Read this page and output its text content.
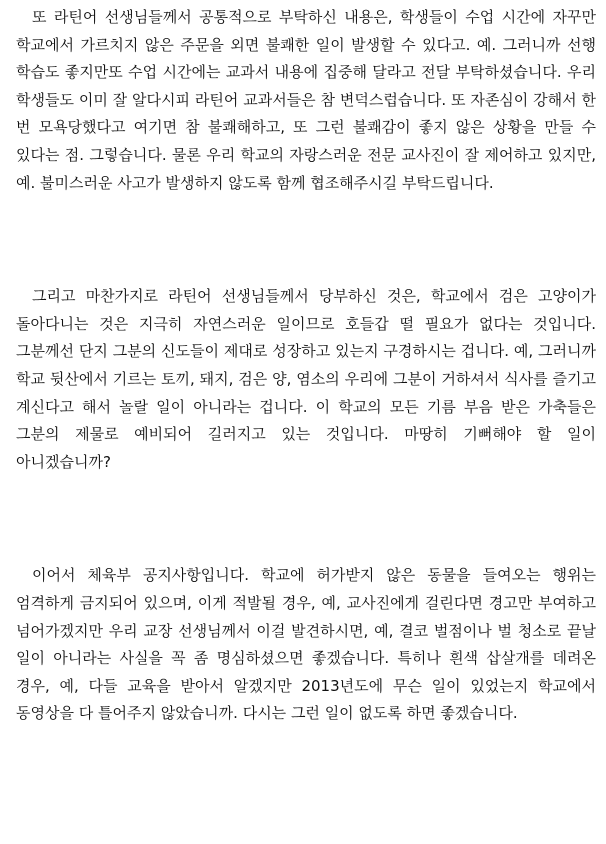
또 라틴어 선생님들께서 공통적으로 부탁하신 내용은, 학생들이 수업 시간에 자꾸만 학교에서 가르치지 않은 주문을 외면 불쾌한 일이 발생할 수 있다고. 예. 그러니까 선행 학습도 좋지만또 수업 시간에는 교과서 내용에 집중해 달라고 전달 부탁하셨습니다. 우리 학생들도 이미 잘 알다시피 라틴어 교과서들은 참 변덕스럽습니다. 또 자존심이 강해서 한 번 모욕당했다고 여기면 참 불쾌해하고, 또 그런 불쾌감이 좋지 않은 상황을 만들 수 있다는 점. 그렇습니다. 물론 우리 학교의 자랑스러운 전문 교사진이 잘 제어하고 있지만, 예. 불미스러운 사고가 발생하지 않도록 함께 협조해주시길 부탁드립니다.

그리고 마찬가지로 라틴어 선생님들께서 당부하신 것은, 학교에서 검은 고양이가 돌아다니는 것은 지극히 자연스러운 일이므로 호들갑 떨 필요가 없다는 것입니다. 그분께선 단지 그분의 신도들이 제대로 성장하고 있는지 구경하시는 겁니다. 예, 그러니까 학교 뒷산에서 기르는 토끼, 돼지, 검은 양, 염소의 우리에 그분이 거하셔서 식사를 즐기고 계신다고 해서 놀랄 일이 아니라는 겁니다. 이 학교의 모든 기름 부음 받은 가축들은 그분의 제물로 예비되어 길러지고 있는 것입니다. 마땅히 기뻐해야 할 일이 아니겠습니까?

이어서 체육부 공지사항입니다. 학교에 허가받지 않은 동물을 들여오는 행위는 엄격하게 금지되어 있으며, 이게 적발될 경우, 예, 교사진에게 걸린다면 경고만 부여하고 넘어가겠지만 우리 교장 선생님께서 이걸 발견하시면, 예, 결코 벌점이나 벌 청소로 끝날 일이 아니라는 사실을 꼭 좀 명심하셨으면 좋겠습니다. 특히나 흰색 삽살개를 데려온 경우, 예, 다들 교육을 받아서 알겠지만 2013년도에 무슨 일이 있었는지 학교에서 동영상을 다 틀어주지 않았습니까. 다시는 그런 일이 없도록 하면 좋겠습니다.
